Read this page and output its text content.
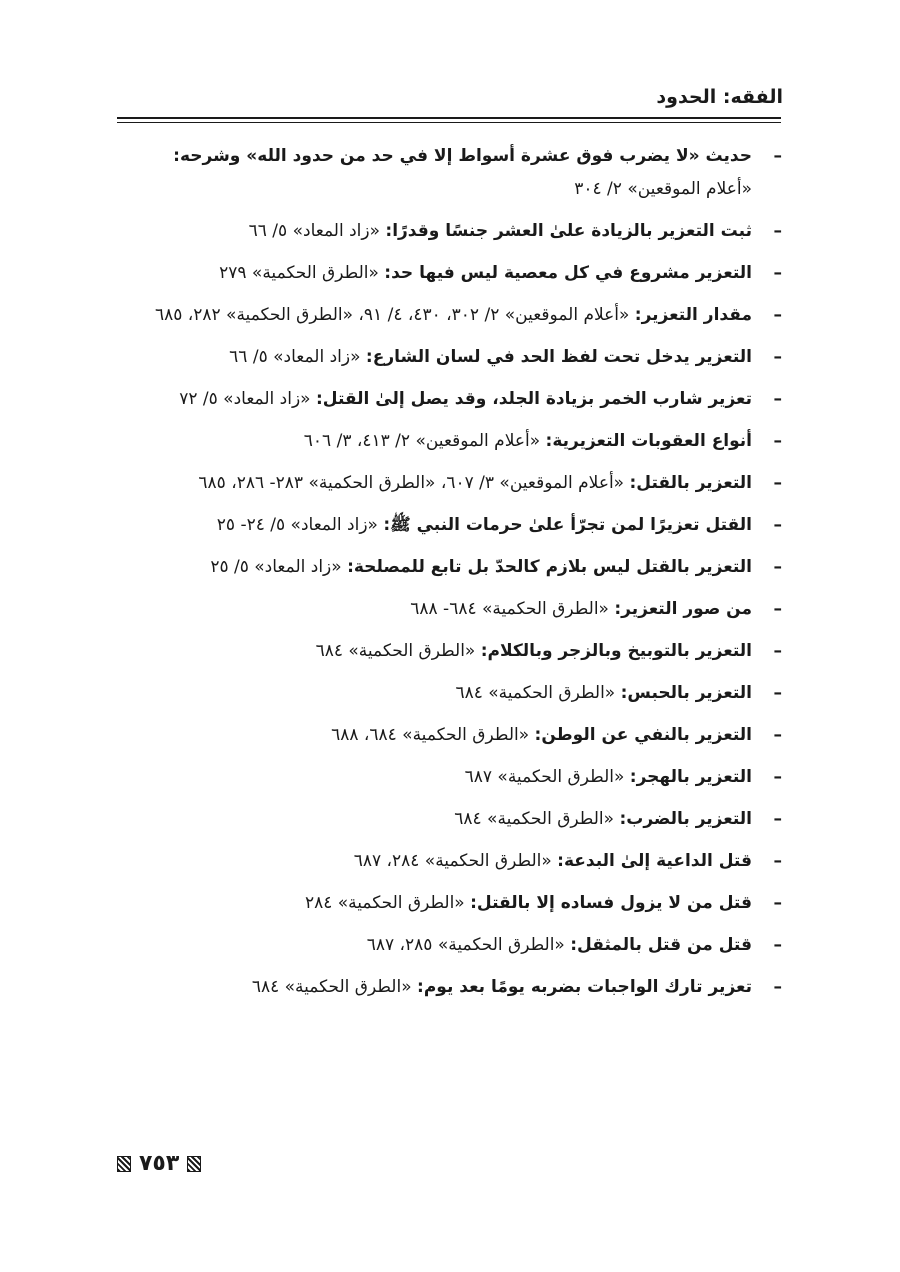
الفقه: الحدود
–
حديث «لا يضرب فوق عشرة أسواط إلا في حد من حدود الله» وشرحه: «أعلام الموقعين» ٢/ ٣٠٤
–
ثبت التعزير بالزيادة علىٰ العشر جنسًا وقدرًا: «زاد المعاد» ٥/ ٦٦
–
التعزير مشروع في كل معصية ليس فيها حد: «الطرق الحكمية» ٢٧٩
–
مقدار التعزير: «أعلام الموقعين» ٢/ ٣٠٢، ٤٣٠، ٤/ ٩١، «الطرق الحكمية» ٢٨٢، ٦٨٥
–
التعزير يدخل تحت لفظ الحد في لسان الشارع: «زاد المعاد» ٥/ ٦٦
–
تعزير شارب الخمر بزيادة الجلد، وقد يصل إلىٰ القتل: «زاد المعاد» ٥/ ٧٢
–
أنواع العقوبات التعزيرية: «أعلام الموقعين» ٢/ ٤١٣، ٣/ ٦٠٦
–
التعزير بالقتل: «أعلام الموقعين» ٣/ ٦٠٧، «الطرق الحكمية» ٢٨٣- ٢٨٦، ٦٨٥
–
القتل تعزيرًا لمن تجرّأ علىٰ حرمات النبي ﷺ: «زاد المعاد» ٥/ ٢٤- ٢٥
–
التعزير بالقتل ليس بلازم كالحدّ بل تابع للمصلحة: «زاد المعاد» ٥/ ٢٥
–
من صور التعزير: «الطرق الحكمية» ٦٨٤- ٦٨٨
–
التعزير بالتوبيخ وبالزجر وبالكلام: «الطرق الحكمية» ٦٨٤
–
التعزير بالحبس: «الطرق الحكمية» ٦٨٤
–
التعزير بالنفي عن الوطن: «الطرق الحكمية» ٦٨٤، ٦٨٨
–
التعزير بالهجر: «الطرق الحكمية» ٦٨٧
–
التعزير بالضرب: «الطرق الحكمية» ٦٨٤
–
قتل الداعية إلىٰ البدعة: «الطرق الحكمية» ٢٨٤، ٦٨٧
–
قتل من لا يزول فساده إلا بالقتل: «الطرق الحكمية» ٢٨٤
–
قتل من قتل بالمثقل: «الطرق الحكمية» ٢٨٥، ٦٨٧
–
تعزير تارك الواجبات بضربه يومًا بعد يوم: «الطرق الحكمية» ٦٨٤
٧٥٣
